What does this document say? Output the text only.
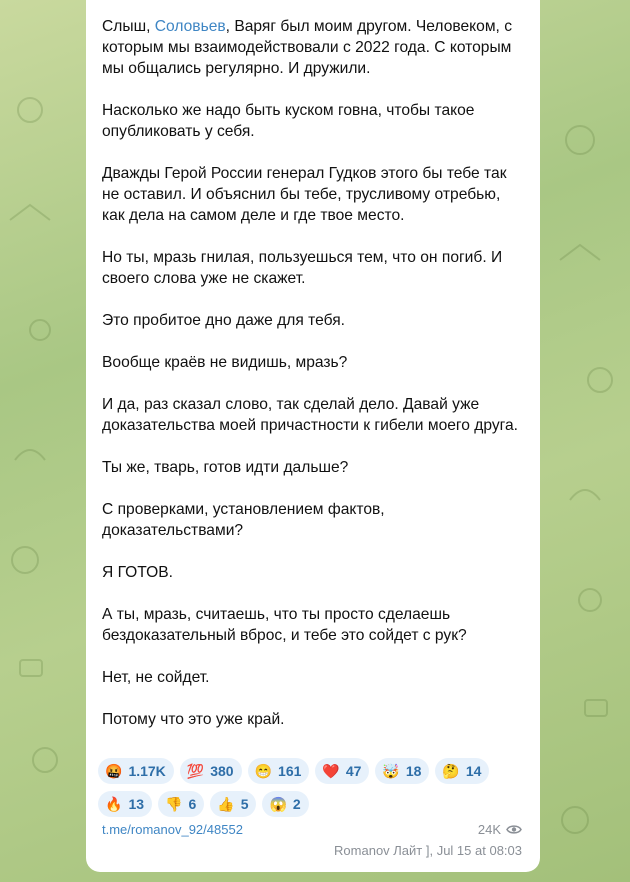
Слыш, Соловьев, Варяг был моим другом. Человеком, с которым мы взаимодействовали с 2022 года. С которым мы общались регулярно. И дружили.

Насколько же надо быть куском говна, чтобы такое опубликовать у себя.

Дважды Герой России генерал Гудков этого бы тебе так не оставил. И объяснил бы тебе, трусливому отребью, как дела на самом деле и где твое место.

Но ты, мразь гнилая, пользуешься тем, что он погиб. И своего слова уже не скажет.

Это пробитое дно даже для тебя.

Вообще краёв не видишь, мразь?

И да, раз сказал слово, так сделай дело. Давай уже доказательства моей причастности к гибели моего друга.

Ты же, тварь, готов идти дальше?

С проверками, установлением фактов, доказательствами?

Я ГОТОВ.

А ты, мразь, считаешь, что ты просто сделаешь бездоказательный вброс, и тебе это сойдет с рук?

Нет, не сойдет.

Потому что это уже край.

🤬 1.17K 💯 380 😁 161 ❤️ 47 🤯 18 🤔 14
🔥 13 👎 6 👍 5 😱 2
t.me/romanov_92/48552	24K
Romanov Лайт ], Jul 15 at 08:03
